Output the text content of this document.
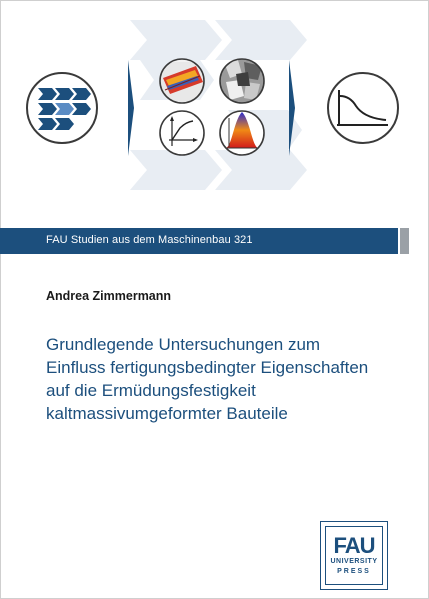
FAU Studien aus dem Maschinenbau 321
Andrea Zimmermann
Grundlegende Untersuchungen zum
Einfluss fertigungsbedingter Eigenschaften
auf die Ermüdungsfestigkeit
kaltmassivumgeformter Bauteile
FAU
UNIVERSITY
PRESS
